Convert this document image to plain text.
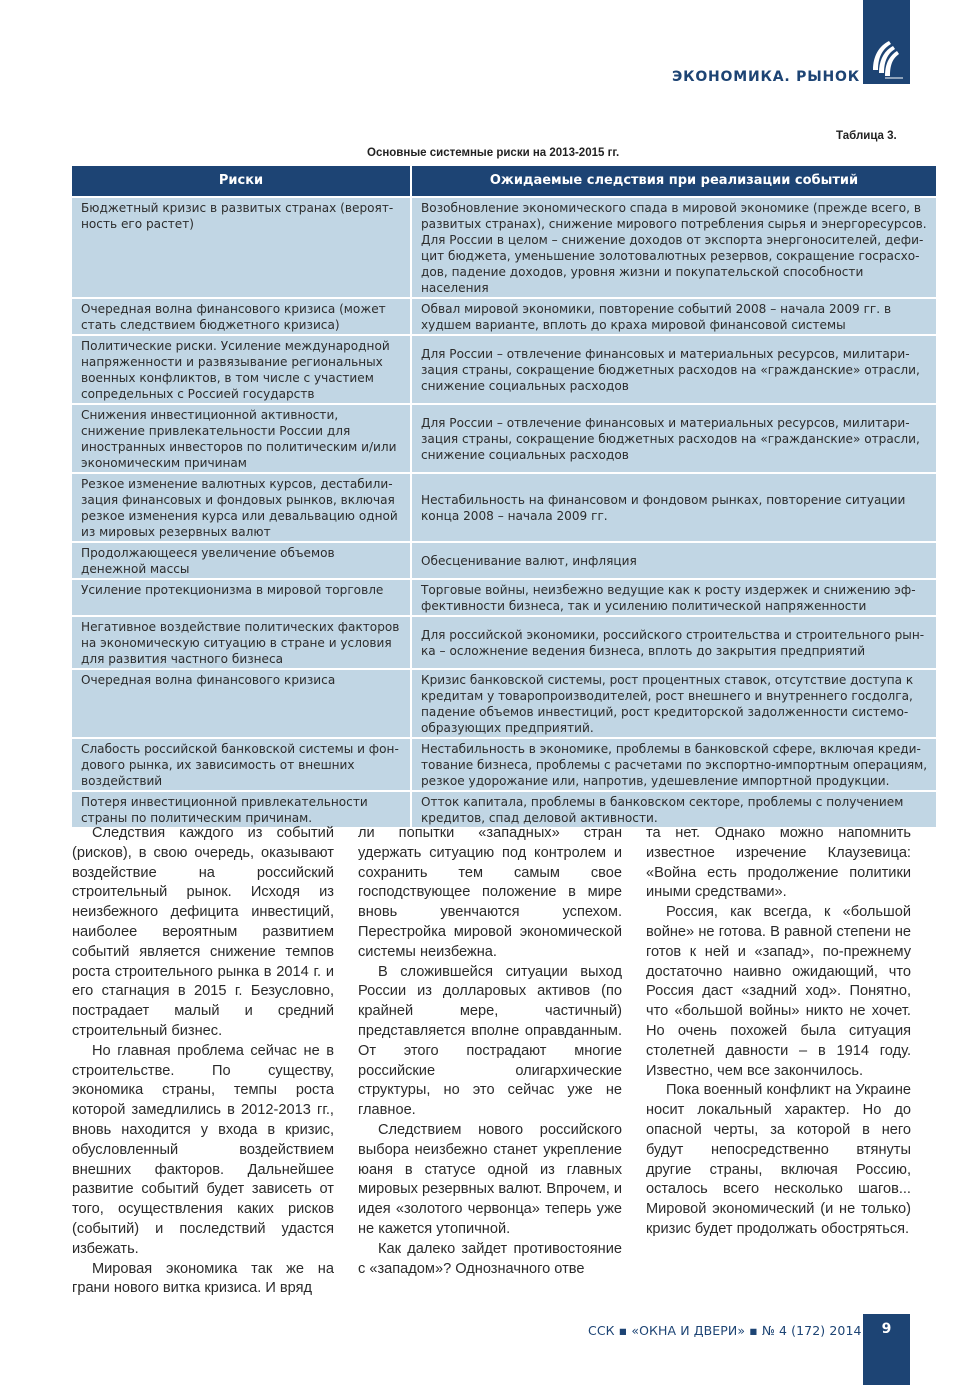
ЭКОНОМИКА. РЫНОК
Таблица 3.
Основные системные риски на 2013-2015 гг.
Риски	Ожидаемые следствия при реализации событий
Бюджетный кризис в развитых странах (вероятность его растет)	Возобновление экономического спада в мировой экономике (прежде всего, в развитых странах), снижение мирового потребления сырья и энергоресурсов. Для России в целом – снижение доходов от экспорта энергоносителей, дефицит бюджета, уменьшение золотовалютных резервов, сокращение госрасходов, падение доходов, уровня жизни и покупательской способности населения
Очередная волна финансового кризиса (может стать следствием бюджетного кризиса)	Обвал мировой экономики, повторение событий 2008 – начала 2009 гг. в худшем варианте, вплоть до краха мировой финансовой системы
Политические риски. Усиление международной напряженности и развязывание региональных военных конфликтов, в том числе с участием сопредельных с Россией государств	Для России – отвлечение финансовых и материальных ресурсов, милитаризация страны, сокращение бюджетных расходов на «гражданские» отрасли, снижение социальных расходов
Снижения инвестиционной активности, снижение привлекательности России для иностранных инвесторов по политическим и/или экономическим причинам	Для России – отвлечение финансовых и материальных ресурсов, милитаризация страны, сокращение бюджетных расходов на «гражданские» отрасли, снижение социальных расходов
Резкое изменение валютных курсов, дестабилизация финансовых и фондовых рынков, включая резкое изменения курса или девальвацию одной из мировых резервных валют	Нестабильность на финансовом и фондовом рынках, повторение ситуации конца 2008 – начала 2009 гг.
Продолжающееся увеличение объемов денежной массы	Обесценивание валют, инфляция
Усиление протекционизма в мировой торговле	Торговые войны, неизбежно ведущие как к росту издержек и снижению эффективности бизнеса, так и усилению политической напряженности
Негативное воздействие политических факторов на экономическую ситуацию в стране и условия для развития частного бизнеса	Для российской экономики, российского строительства и строительного рынка – осложнение ведения бизнеса, вплоть до закрытия предприятий
Очередная волна финансового кризиса	Кризис банковской системы, рост процентных ставок, отсутствие доступа к кредитам у товаропроизводителей, рост внешнего и внутреннего госдолга, падение объемов инвестиций, рост кредиторской задолженности системообразующих предприятий.
Слабость российской банковской системы и фондового рынка, их зависимость от внешних воздействий	Нестабильность в экономике, проблемы в банковской сфере, включая кредитование бизнеса, проблемы с расчетами по экспортно-импортным операциям, резкое удорожание или, напротив, удешевление импортной продукции.
Потеря инвестиционной привлекательности страны по политическим причинам.	Отток капитала, проблемы в банковском секторе, проблемы с получением кредитов, спад деловой активности.

Следствия каждого из событий (рисков), в свою очередь, оказывают воздействие на российский строительный рынок. Исходя из неизбежного дефицита инвестиций, наиболее вероятным развитием событий является снижение темпов роста строительного рынка в 2014 г. и его стагнация в 2015 г. Безусловно, пострадает малый и средний строительный бизнес.

Но главная проблема сейчас не в строительстве. По существу, экономика страны, темпы роста которой замедлились в 2012-2013 гг., вновь находится у входа в кризис, обусловленный воздействием внешних факторов. Дальнейшее развитие событий будет зависеть от того, осуществления каких рисков (событий) и последствий удастся избежать.

Мировая экономика так же на грани нового витка кризиса. И вряд

ли попытки «западных» стран удержать ситуацию под контролем и сохранить тем самым свое господствующее положение в мире вновь увенчаются успехом. Перестройка мировой экономической системы неизбежна.

В сложившейся ситуации выход России из долларовых активов (по крайней мере, частичный) представляется вполне оправданным. От этого пострадают многие российские олигархические структуры, но это сейчас уже не главное.

Следствием нового российского выбора неизбежно станет укрепление юаня в статусе одной из главных мировых резервных валют. Впрочем, и идея «золотого червонца» теперь уже не кажется утопичной.

Как далеко зайдет противостояние с «западом»? Однозначного отве

та нет. Однако можно напомнить известное изречение Клаузевица: «Война есть продолжение политики иными средствами».

Россия, как всегда, к «большой войне» не готова. В равной степени не готов к ней и «запад», по-прежнему достаточно наивно ожидающий, что Россия даст «задний ход». Понятно, что «большой войны» никто не хочет. Но очень похожей была ситуация столетней давности – в 1914 году. Известно, чем все закончилось.

Пока военный конфликт на Украине носит локальный характер. Но до опасной черты, за которой в него будут непосредственно втянуты другие страны, включая Россию, осталось всего несколько шагов... Мировой экономический (и не только) кризис будет продолжать обостряться.

ССК ▪ «ОКНА И ДВЕРИ» ▪ № 4 (172) 2014	9
